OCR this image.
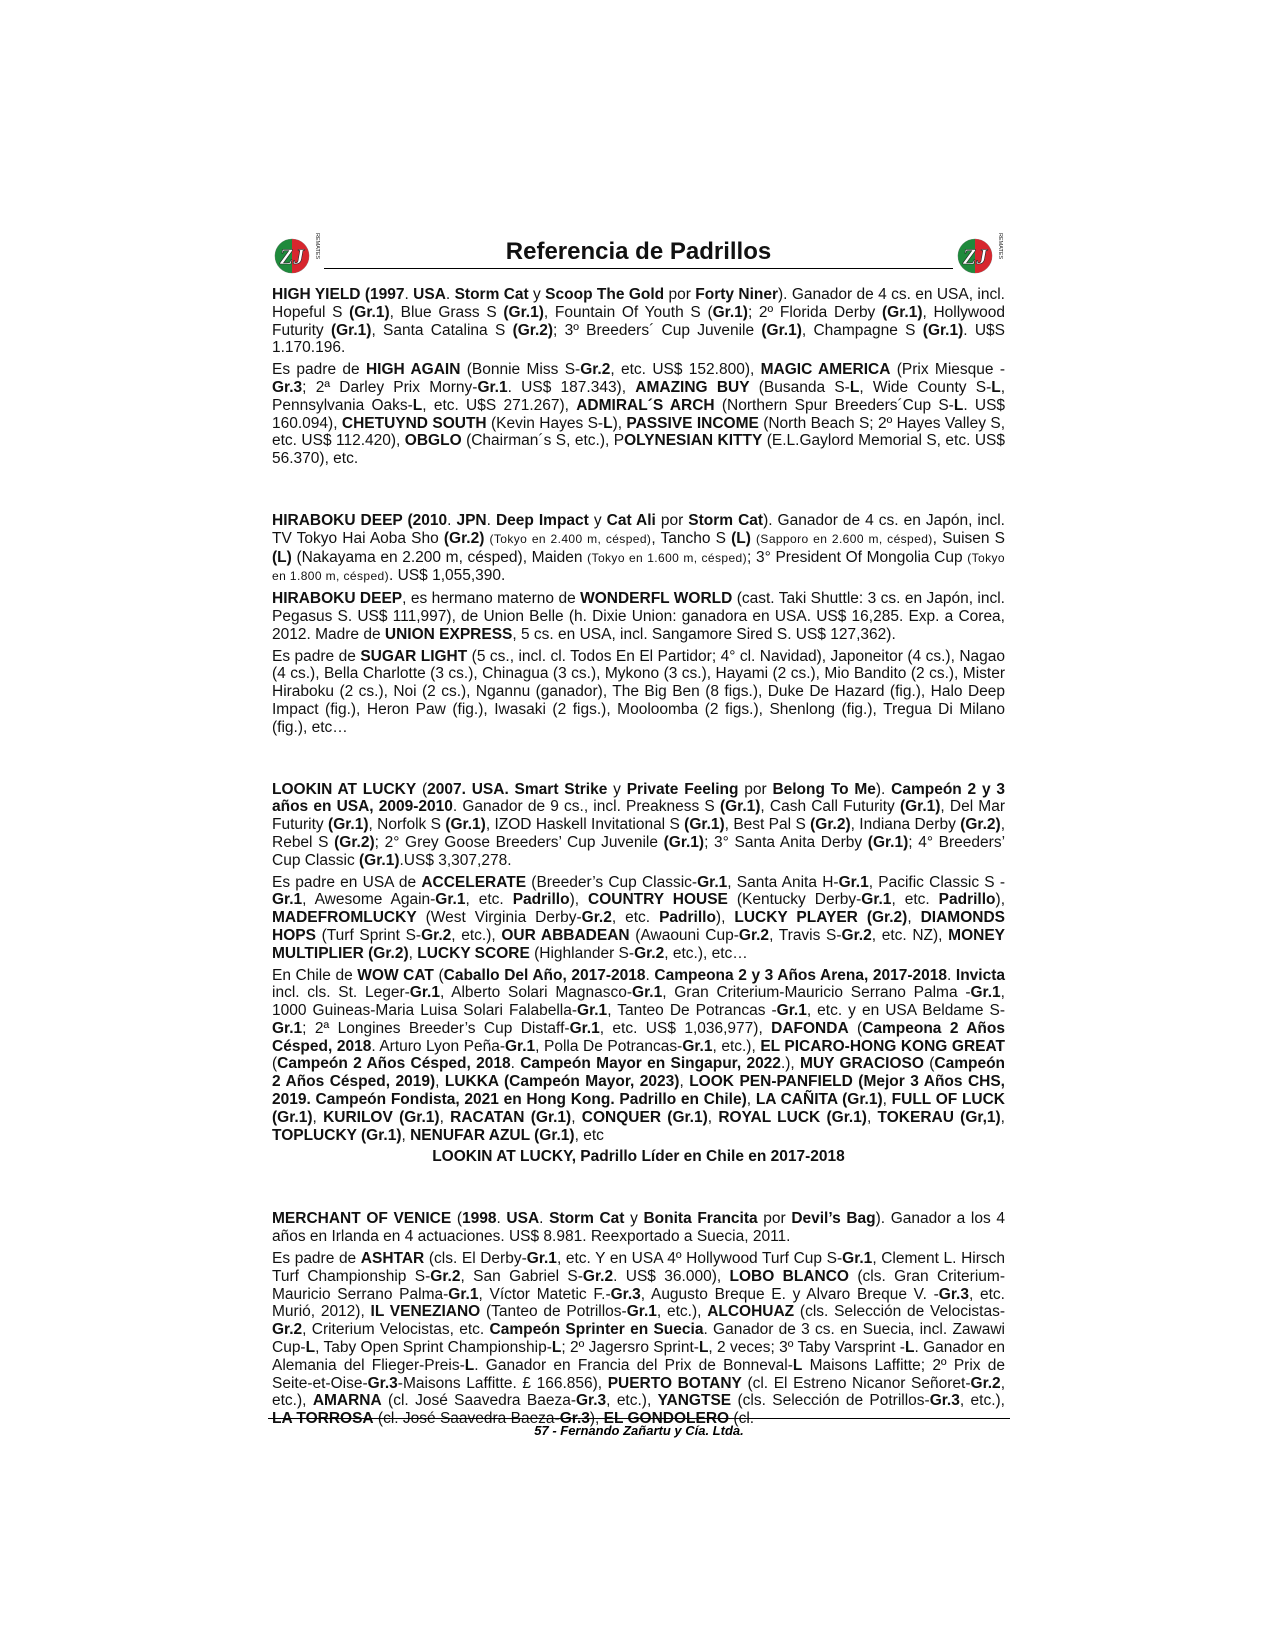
ZJ REMATES	Referencia de Padrillos	ZJ REMATES

HIGH YIELD (1997. USA. Storm Cat y Scoop The Gold por Forty Niner). Ganador de 4 cs. en USA, incl. Hopeful S (Gr.1), Blue Grass S (Gr.1), Fountain Of Youth S (Gr.1); 2º Florida Derby (Gr.1), Hollywood Futurity (Gr.1), Santa Catalina S (Gr.2); 3º Breeders´ Cup Juvenile (Gr.1), Champagne S (Gr.1). U$S 1.170.196.

Es padre de HIGH AGAIN (Bonnie Miss S-Gr.2, etc. US$ 152.800), MAGIC AMERICA (Prix Miesque -Gr.3; 2ª Darley Prix Morny-Gr.1. US$ 187.343), AMAZING BUY (Busanda S-L, Wide County S-L, Pennsylvania Oaks-L, etc. U$S 271.267), ADMIRAL´S ARCH (Northern Spur Breeders´Cup S-L. US$ 160.094), CHETUYND SOUTH (Kevin Hayes S-L), PASSIVE INCOME (North Beach S; 2º Hayes Valley S, etc. US$ 112.420), OBGLO (Chairman´s S, etc.), POLYNESIAN KITTY (E.L.Gaylord Memorial S, etc. US$ 56.370), etc.

HIRABOKU DEEP (2010. JPN. Deep Impact y Cat Ali por Storm Cat). Ganador de 4 cs. en Japón, incl. TV Tokyo Hai Aoba Sho (Gr.2) (Tokyo en 2.400 m, césped), Tancho S (L) (Sapporo en 2.600 m, césped), Suisen S (L) (Nakayama en 2.200 m, césped), Maiden (Tokyo en 1.600 m, césped); 3° President Of Mongolia Cup (Tokyo en 1.800 m, césped). US$ 1,055,390.

HIRABOKU DEEP, es hermano materno de WONDERFL WORLD (cast. Taki Shuttle: 3 cs. en Japón, incl. Pegasus S. US$ 111,997), de Union Belle (h. Dixie Union: ganadora en USA. US$ 16,285. Exp. a Corea, 2012. Madre de UNION EXPRESS, 5 cs. en USA, incl. Sangamore Sired S. US$ 127,362).

Es padre de SUGAR LIGHT (5 cs., incl. cl. Todos En El Partidor; 4° cl. Navidad), Japoneitor (4 cs.), Nagao (4 cs.), Bella Charlotte (3 cs.), Chinagua (3 cs.), Mykono (3 cs.), Hayami (2 cs.), Mio Bandito (2 cs.), Mister Hiraboku (2 cs.), Noi (2 cs.), Ngannu (ganador), The Big Ben (8 figs.), Duke De Hazard (fig.), Halo Deep Impact (fig.), Heron Paw (fig.), Iwasaki (2 figs.), Mooloomba (2 figs.), Shenlong (fig.), Tregua Di Milano (fig.), etc…

LOOKIN AT LUCKY (2007. USA. Smart Strike y Private Feeling por Belong To Me). Campeón 2 y 3 años en USA, 2009-2010. Ganador de 9 cs., incl. Preakness S (Gr.1), Cash Call Futurity (Gr.1), Del Mar Futurity (Gr.1), Norfolk S (Gr.1), IZOD Haskell Invitational S (Gr.1), Best Pal S (Gr.2), Indiana Derby (Gr.2), Rebel S (Gr.2); 2° Grey Goose Breeders’ Cup Juvenile (Gr.1); 3° Santa Anita Derby (Gr.1); 4° Breeders’ Cup Classic (Gr.1).US$ 3,307,278.

Es padre en USA de ACCELERATE (Breeder’s Cup Classic-Gr.1, Santa Anita H-Gr.1, Pacific Classic S -Gr.1, Awesome Again-Gr.1, etc. Padrillo), COUNTRY HOUSE (Kentucky Derby-Gr.1, etc. Padrillo), MADEFROMLUCKY (West Virginia Derby-Gr.2, etc. Padrillo), LUCKY PLAYER (Gr.2), DIAMONDS HOPS (Turf Sprint S-Gr.2, etc.), OUR ABBADEAN (Awaouni Cup-Gr.2, Travis S-Gr.2, etc. NZ), MONEY MULTIPLIER (Gr.2), LUCKY SCORE (Highlander S-Gr.2, etc.), etc…

En Chile de WOW CAT (Caballo Del Año, 2017-2018. Campeona 2 y 3 Años Arena, 2017-2018. Invicta incl. cls. St. Leger-Gr.1, Alberto Solari Magnasco-Gr.1, Gran Criterium-Mauricio Serrano Palma -Gr.1, 1000 Guineas-Maria Luisa Solari Falabella-Gr.1, Tanteo De Potrancas -Gr.1, etc. y en USA Beldame S-Gr.1; 2ª Longines Breeder’s Cup Distaff-Gr.1, etc. US$ 1,036,977), DAFONDA (Campeona 2 Años Césped, 2018. Arturo Lyon Peña-Gr.1, Polla De Potrancas-Gr.1, etc.), EL PICARO-HONG KONG GREAT (Campeón 2 Años Césped, 2018. Campeón Mayor en Singapur, 2022.), MUY GRACIOSO (Campeón 2 Años Césped, 2019), LUKKA (Campeón Mayor, 2023), LOOK PEN-PANFIELD (Mejor 3 Años CHS, 2019. Campeón Fondista, 2021 en Hong Kong. Padrillo en Chile), LA CAÑITA (Gr.1), FULL OF LUCK (Gr.1), KURILOV (Gr.1), RACATAN (Gr.1), CONQUER (Gr.1), ROYAL LUCK (Gr.1), TOKERAU (Gr,1), TOPLUCKY (Gr.1), NENUFAR AZUL (Gr.1), etc

LOOKIN AT LUCKY, Padrillo Líder en Chile en 2017-2018

MERCHANT OF VENICE (1998. USA. Storm Cat y Bonita Francita por Devil’s Bag). Ganador a los 4 años en Irlanda en 4 actuaciones. US$ 8.981. Reexportado a Suecia, 2011.

Es padre de ASHTAR (cls. El Derby-Gr.1, etc. Y en USA 4º Hollywood Turf Cup S-Gr.1, Clement L. Hirsch Turf Championship S-Gr.2, San Gabriel S-Gr.2. US$ 36.000), LOBO BLANCO (cls. Gran Criterium-Mauricio Serrano Palma-Gr.1, Víctor Matetic F.-Gr.3, Augusto Breque E. y Alvaro Breque V. -Gr.3, etc. Murió, 2012), IL VENEZIANO (Tanteo de Potrillos-Gr.1, etc.), ALCOHUAZ (cls. Selección de Velocistas-Gr.2, Criterium Velocistas, etc. Campeón Sprinter en Suecia. Ganador de 3 cs. en Suecia, incl. Zawawi Cup-L, Taby Open Sprint Championship-L; 2º Jagersro Sprint-L, 2 veces; 3º Taby Varsprint -L. Ganador en Alemania del Flieger-Preis-L. Ganador en Francia del Prix de Bonneval-L Maisons Laffitte; 2º Prix de Seite-et-Oise-Gr.3-Maisons Laffitte. £ 166.856), PUERTO BOTANY (cl. El Estreno Nicanor Señoret-Gr.2, etc.), AMARNA (cl. José Saavedra Baeza-Gr.3, etc.), YANGTSE (cls. Selección de Potrillos-Gr.3, etc.), LA TORROSA (cl. José Saavedra Baeza-Gr.3), EL GONDOLERO (cl.

57 - Fernando Zañartu y Cía. Ltda.
